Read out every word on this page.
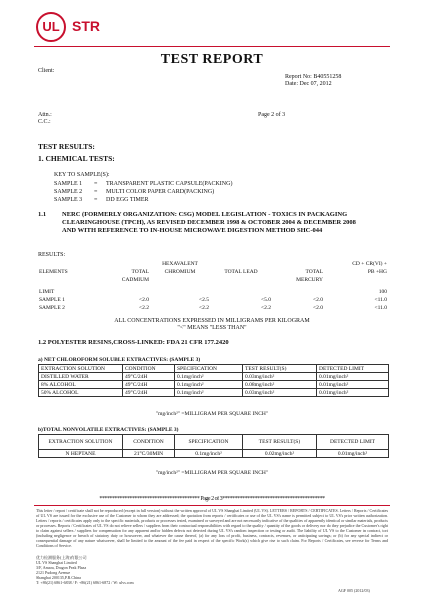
UL STR
TEST REPORT
Client:
Report No: B40551258
Date: Dec 07, 2012
Attn.:
C.C.:
Page 2 of 3
TEST RESULTS:
1. CHEMICAL TESTS:
KEY TO SAMPLE(S):
SAMPLE 1	=	TRANSPARENT PLASTIC CAPSULE(PACKING)
SAMPLE 2	=	MULTI COLOR PAPER CARD(PACKING)
SAMPLE 3	=	DD EGG TIMER
1.1 NERC (FORMERLY ORGANIZATION: CSG) MODEL LEGISLATION - TOXICS IN PACKAGING
CLEARINGHOUSE (TPCH), AS REVISED DECEMBER 1998 & OCTOBER 2004 & DECEMBER 2008
AND WITH REFERENCE TO IN-HOUSE MICROWAVE DIGESTION METHOD SHC-044
RESULTS:
		HEXAVALENT			CD + CR(VI) +
ELEMENTS	TOTAL	CHROMIUM	TOTAL LEAD	TOTAL	PB +HG
	CADMIUM			MERCURY	

LIMIT					100
SAMPLE 1	<2.0	<2.5	<5.0	<2.0	<11.0
SAMPLE 2	<2.2	<2.2	<2.2	<2.0	<11.0
ALL CONCENTRATIONS EXPRESSED IN MILLIGRAMS PER KILOGRAM
"<" MEANS "LESS THAN"
1.2 POLYESTER RESINS,CROSS-LINKED: FDA 21 CFR 177.2420
a) NET CHLOROFORM SOLUBLE EXTRACTIVES: (SAMPLE 3)
EXTRACTION SOLUTION	CONDITION	SPECIFICATION	TEST RESULT(S)	DETECTED LIMIT
DISTILLED WATER	49°C/24H	0.1mg/inch²	0.03mg/inch²	0.01mg/inch²
8% ALCOHOL	49°C/24H	0.1mg/inch²	0.08mg/inch²	0.01mg/inch²
50% ALCOHOL	49°C/24H	0.1mg/inch²	0.03mg/inch²	0.01mg/inch²
"mg/inch²" =MILLIGRAM PER SQUARE INCH"
b)TOTAL NONVOLATILE EXTRACTIVES: (SAMPLE 3)
EXTRACTION SOLUTION	CONDITION	SPECIFICATION	TEST RESULT(S)	DETECTED LIMIT
N HEPTANE	21°C/30MIN	0.1mg/inch²	0.02mg/inch²	0.01mg/inch²
"mg/inch²" =MILLIGRAM PER SQUARE INCH"
**************************************** Page 2 of 3*****************************************
This letter / report / certificate shall not be reproduced (except in full version) without the written approval of UL VS Shanghai Limited (UL VS). LETTERS / REPORTS / CERTIFICATES. Letters / Reports / Certificates of UL VS are issued for the exclusive use of the Customer to whom they are addressed; the quotation from reports / certificates or use of the UL VS's name is permitted subject to UL VS's prior written authorization. Letters / reports / certificates apply only to the specific materials, products or processes tested, examined or surveyed and are not necessarily indicative of the qualities of apparently identical or similar materials, products or processes. Reports / Certificates of UL VS do not relieve sellers / suppliers from their contractual responsibilities with regard to the quality / quantity of the goods or delivery nor do they prejudice the Customer's right to claim against sellers / suppliers for compensation for any apparent and/or hidden defects not detected during UL VS's random inspection or testing or audit. The liability of UL VS to the Customer in contract, tort (including negligence or breach of statutory duty or howsoever, and whatever the cause thereof, (a) for any loss of profit, business, contracts, revenues, or anticipating savings; or (b) for any special indirect or consequential damage of any nature whatsoever, shall be limited to the amount of the fee paid in respect of the specific Work(s) which give rise to such claim. For Reports / Certificates, see reverse for Terms and Conditions of Service.
优力检测服务(上海)有限公司
UL VS Shanghai Limited
3/F, Amara, Dragon Peak Plaza
2121 Pudong Avenue
Shanghai 200135,P.R.China
T: +86(21) 6861-6838 / F: +86(21) 6861-6872 / W: ulvs.com
AGF 005 (2012/03)
